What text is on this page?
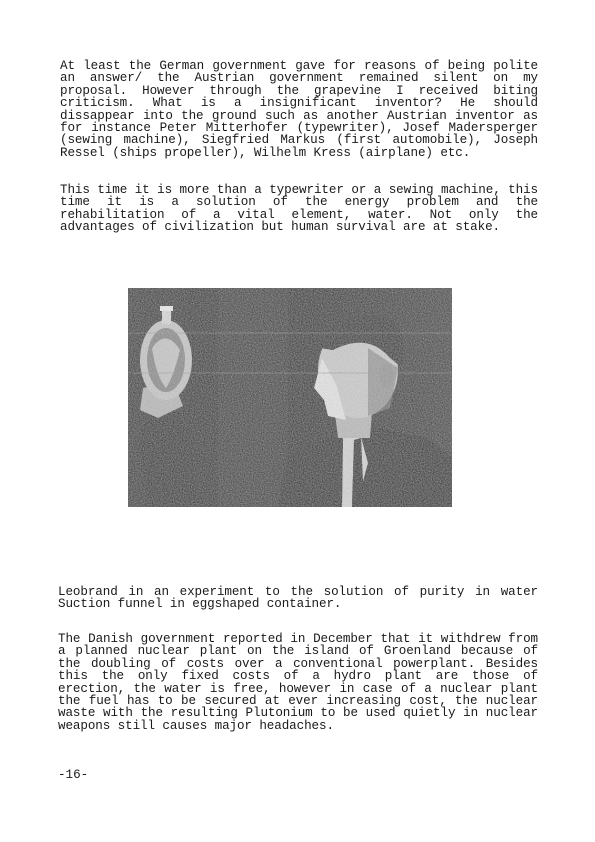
At least the German government gave for reasons of being polite an answer/ the Austrian government remained silent on my proposal. However through the grapevine I received biting criticism. What is a insignificant inventor? He should dissappear into the ground such as another Austrian inventor as for instance Peter Mitterhofer (typewriter), Josef Madersperger (sewing machine), Siegfried Markus (first automobile), Joseph Ressel (ships propeller), Wilhelm Kress (airplane) etc.

This time it is more than a typewriter or a sewing machine, this time it is a solution of the energy problem and the rehabilitation of a vital element, water. Not only the advantages of civilization but human survival are at stake.

Leobrand in an experiment to the solution of purity in water Suction funnel in eggshaped container.

The Danish government reported in December that it withdrew from a planned nuclear plant on the island of Groenland because of the doubling of costs over a conventional powerplant. Besides this the only fixed costs of a hydro plant are those of erection, the water is free, however in case of a nuclear plant the fuel has to be secured at ever increasing cost, the nuclear waste with the resulting Plutonium to be used quietly in nuclear weapons still causes major headaches.

-16-
